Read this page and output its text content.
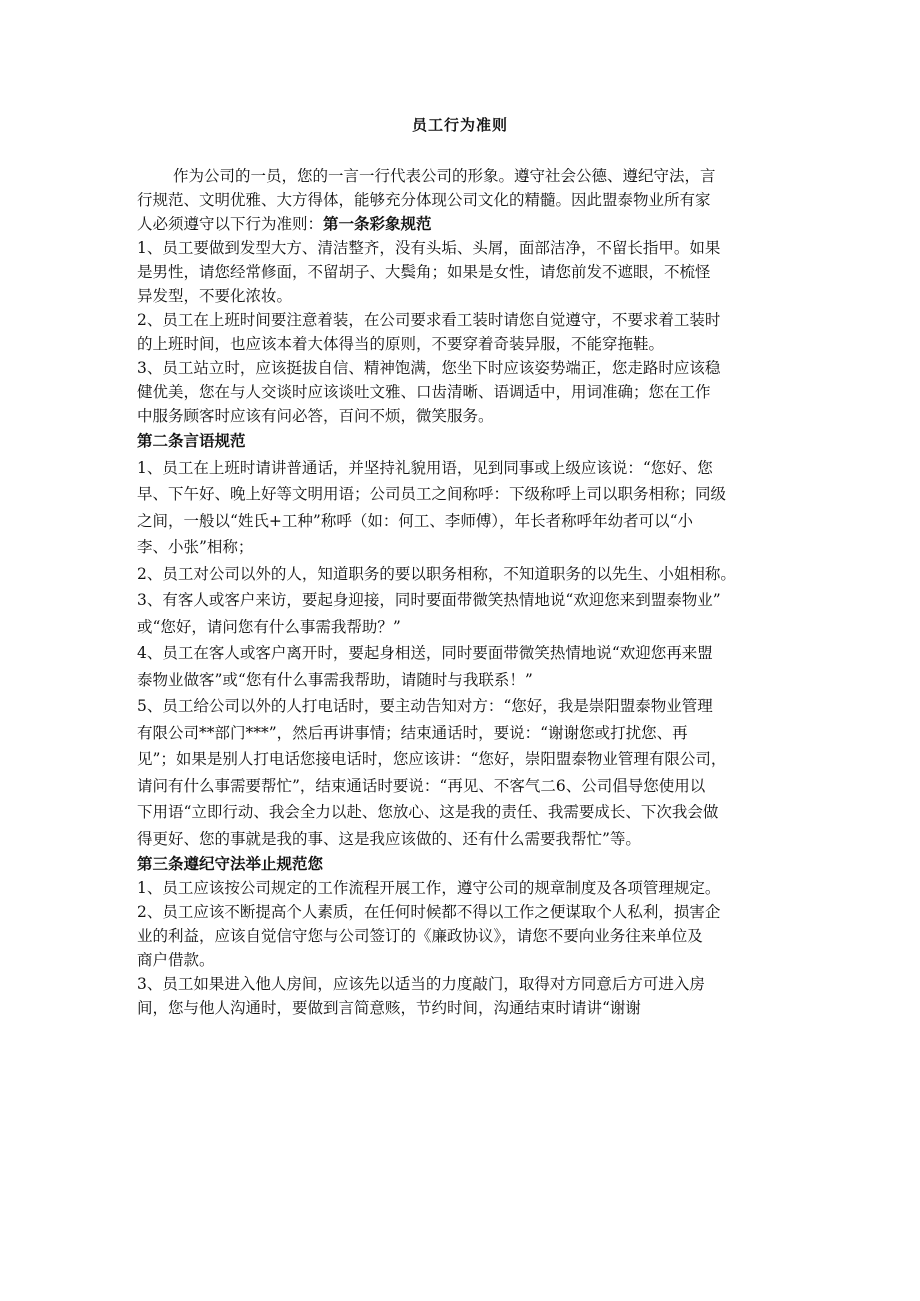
员工行为准则
作为公司的一员，您的一言一行代表公司的形象。遵守社会公德、遵纪守法，言
行规范、文明优雅、大方得体，能够充分体现公司文化的精髓。因此盟泰物业所有家
人必须遵守以下行为准则：第一条彩象规范
1、员工要做到发型大方、清洁整齐，没有头垢、头屑，面部洁净，不留长指甲。如果
是男性，请您经常修面，不留胡子、大鬓角；如果是女性，请您前发不遮眼，不梳怪
异发型，不要化浓妆。
2、员工在上班时间要注意着装，在公司要求看工装时请您自觉遵守，不要求着工装时
的上班时间，也应该本着大体得当的原则，不要穿着奇装异服，不能穿拖鞋。
3、员工站立时，应该挺拔自信、精神饱满，您坐下时应该姿势端正，您走路时应该稳
健优美，您在与人交谈时应该谈吐文雅、口齿清晰、语调适中，用词准确；您在工作
中服务顾客时应该有问必答，百问不烦，微笑服务。
第二条言语规范
1、员工在上班时请讲普通话，并坚持礼貌用语，见到同事或上级应该说：“您好、您
早、下午好、晚上好等文明用语；公司员工之间称呼：下级称呼上司以职务相称；同级
之间，一般以“姓氏+工种”称呼（如：何工、李师傅），年长者称呼年幼者可以“小
李、小张”相称；
2、员工对公司以外的人，知道职务的要以职务相称，不知道职务的以先生、小姐相称。
3、有客人或客户来访，要起身迎接，同时要面带微笑热情地说“欢迎您来到盟泰物业”
或“您好，请问您有什么事需我帮助？”
4、员工在客人或客户离开时，要起身相送，同时要面带微笑热情地说“欢迎您再来盟
泰物业做客”或“您有什么事需我帮助，请随时与我联系！”
5、员工给公司以外的人打电话时，要主动告知对方：“您好，我是崇阳盟泰物业管理
有限公司**部门***”，然后再讲事情；结束通话时，要说：“谢谢您或打扰您、再
见”；如果是别人打电话您接电话时，您应该讲：“您好，崇阳盟泰物业管理有限公司，
请问有什么事需要帮忙”，结束通话时要说：“再见、不客气二6、公司倡导您使用以
下用语“立即行动、我会全力以赴、您放心、这是我的责任、我需要成长、下次我会做
得更好、您的事就是我的事、这是我应该做的、还有什么需要我帮忙”等。
第三条遵纪守法举止规范您
1、员工应该按公司规定的工作流程开展工作，遵守公司的规章制度及各项管理规定。
2、员工应该不断提高个人素质，在任何时候都不得以工作之便谋取个人私利，损害企
业的利益，应该自觉信守您与公司签订的《廉政协议》，请您不要向业务往来单位及
商户借款。
3、员工如果进入他人房间，应该先以适当的力度敲门，取得对方同意后方可进入房
间，您与他人沟通时，要做到言简意赅，节约时间，沟通结束时请讲“谢谢
